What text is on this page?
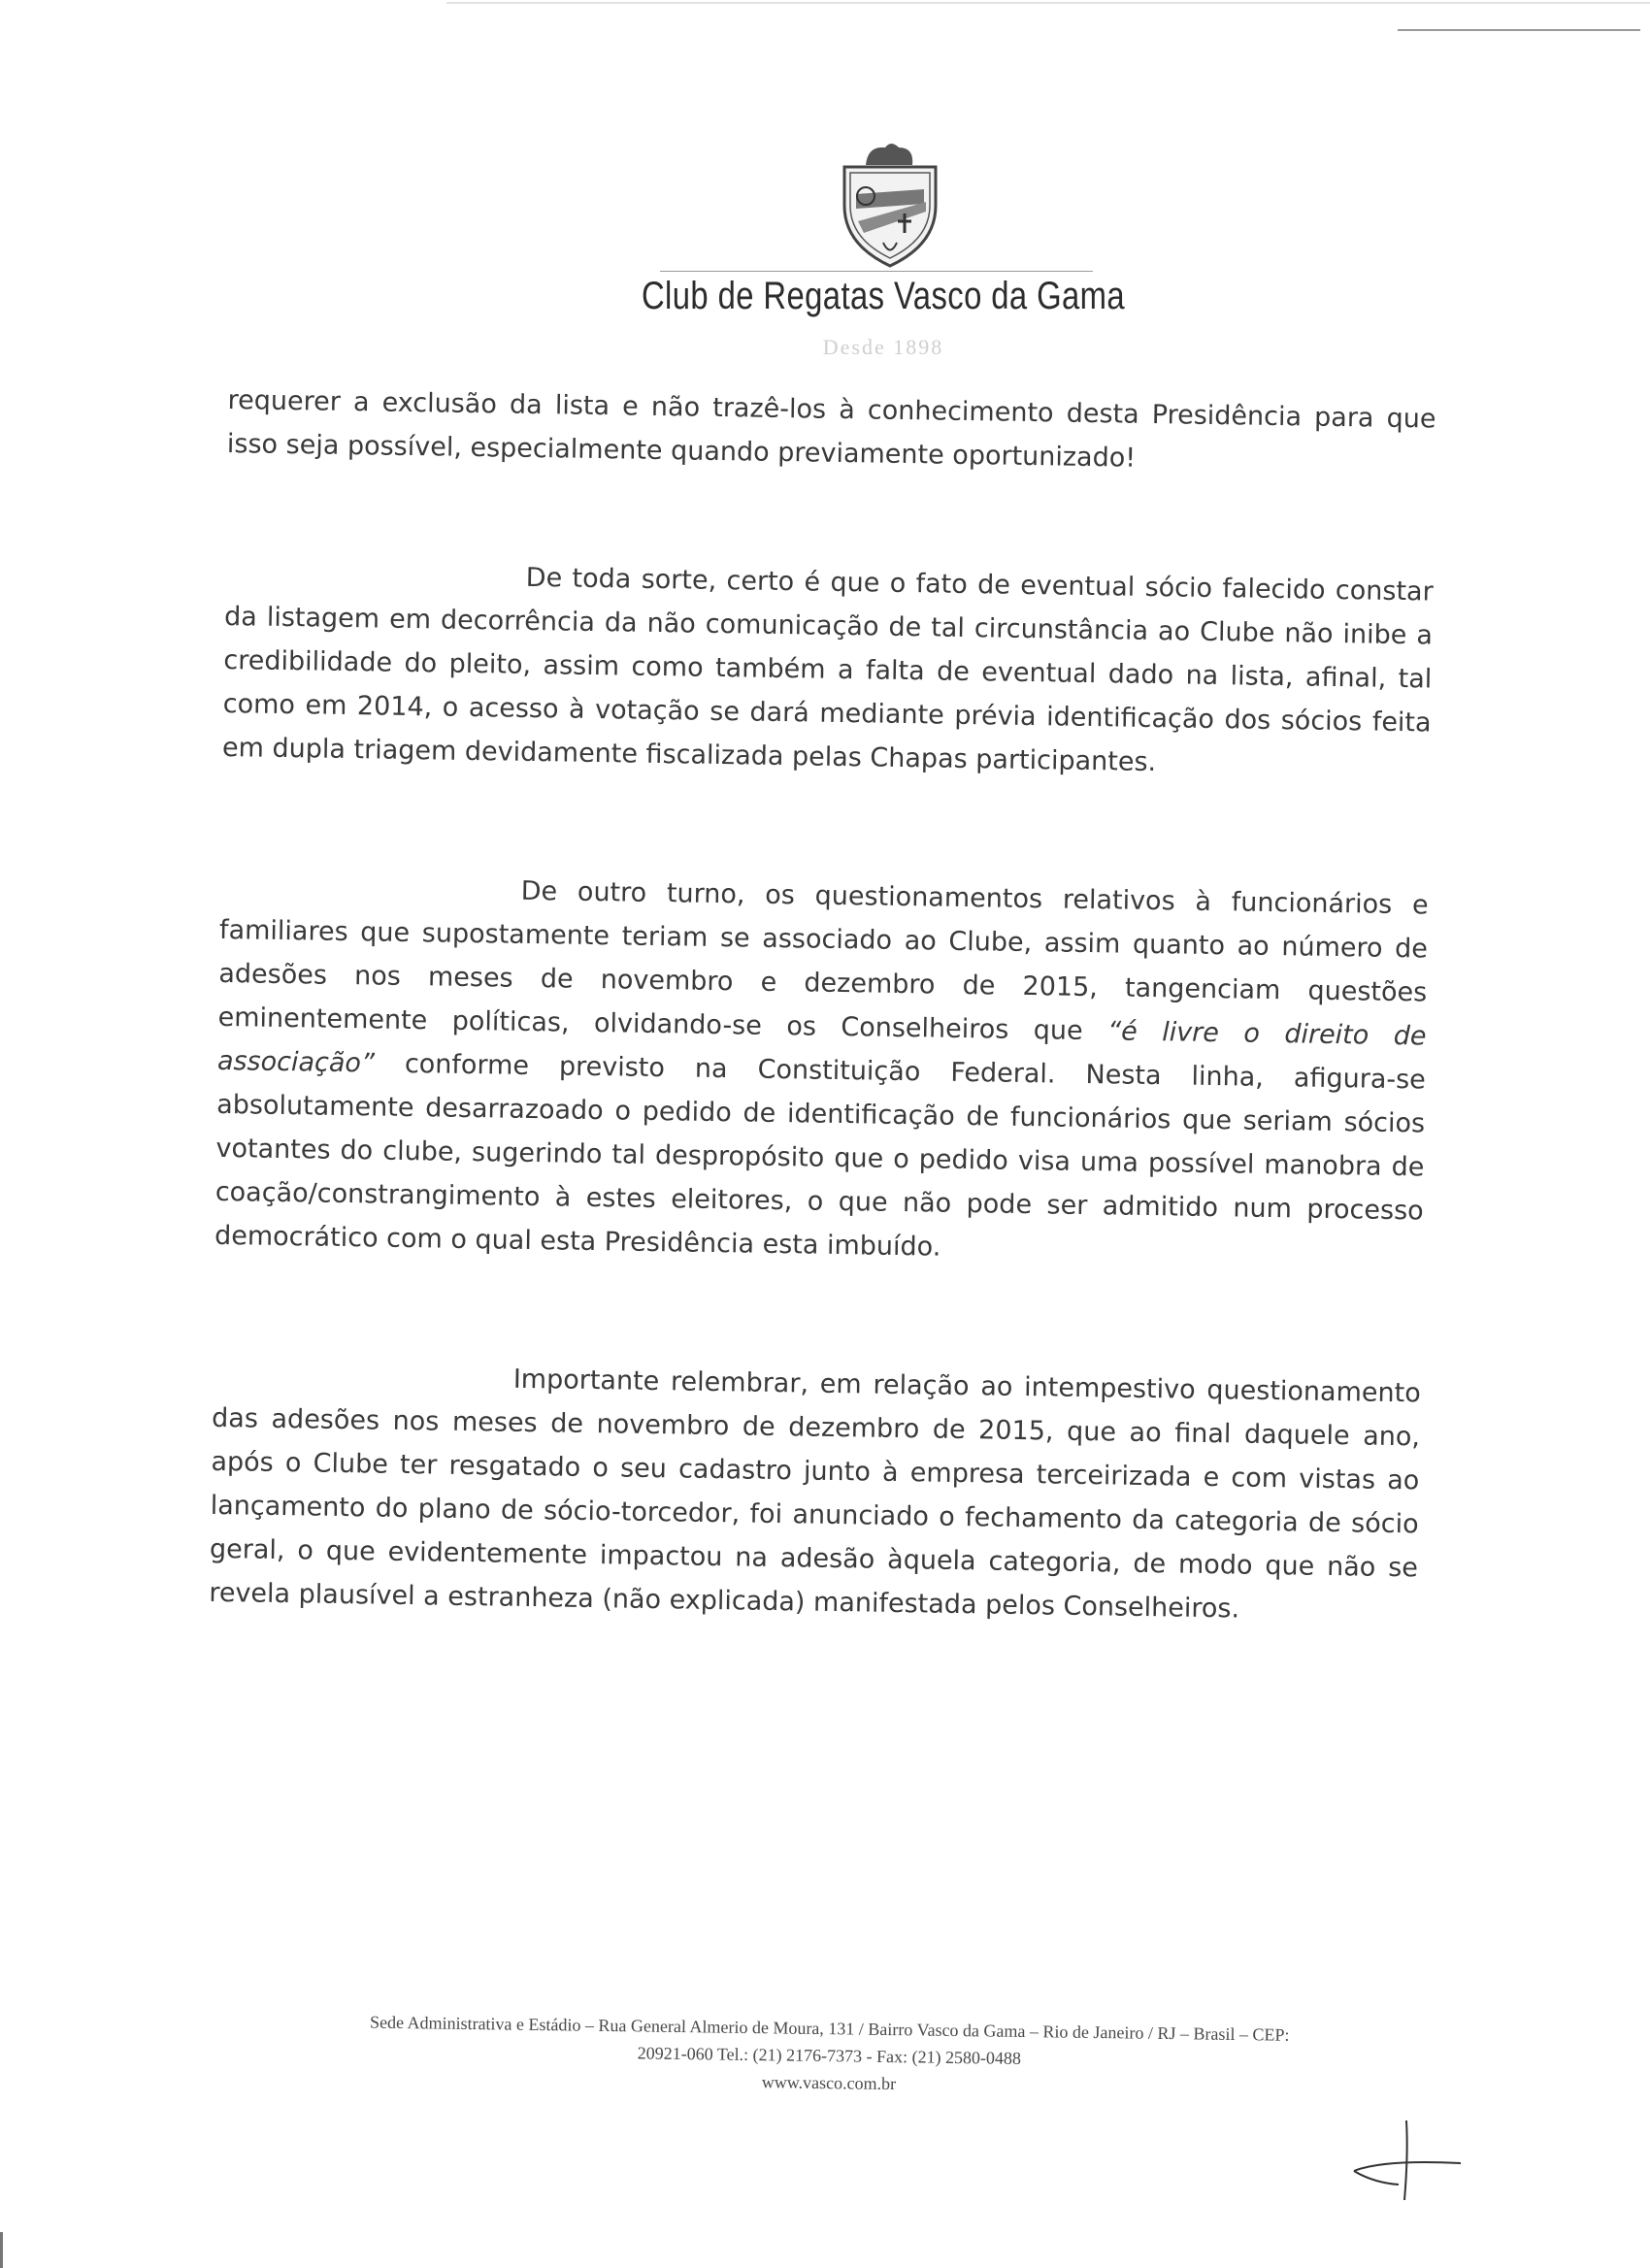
Club de Regatas Vasco da Gama
Desde 1898

requerer a exclusão da lista e não trazê-los à conhecimento desta Presidência para que isso seja possível, especialmente quando previamente oportunizado!

De toda sorte, certo é que o fato de eventual sócio falecido constar da listagem em decorrência da não comunicação de tal circunstância ao Clube não inibe a credibilidade do pleito, assim como também a falta de eventual dado na lista, afinal, tal como em 2014, o acesso à votação se dará mediante prévia identificação dos sócios feita em dupla triagem devidamente fiscalizada pelas Chapas participantes.

De outro turno, os questionamentos relativos à funcionários e familiares que supostamente teriam se associado ao Clube, assim quanto ao número de adesões nos meses de novembro e dezembro de 2015, tangenciam questões eminentemente políticas, olvidando-se os Conselheiros que “é livre o direito de associação” conforme previsto na Constituição Federal. Nesta linha, afigura-se absolutamente desarrazoado o pedido de identificação de funcionários que seriam sócios votantes do clube, sugerindo tal despropósito que o pedido visa uma possível manobra de coação/constrangimento à estes eleitores, o que não pode ser admitido num processo democrático com o qual esta Presidência esta imbuído.

Importante relembrar, em relação ao intempestivo questionamento das adesões nos meses de novembro de dezembro de 2015, que ao final daquele ano, após o Clube ter resgatado o seu cadastro junto à empresa terceirizada e com vistas ao lançamento do plano de sócio-torcedor, foi anunciado o fechamento da categoria de sócio geral, o que evidentemente impactou na adesão àquela categoria, de modo que não se revela plausível a estranheza (não explicada) manifestada pelos Conselheiros.

Sede Administrativa e Estádio – Rua General Almerio de Moura, 131 / Bairro Vasco da Gama – Rio de Janeiro / RJ – Brasil – CEP:
20921-060 Tel.: (21) 2176-7373 - Fax: (21) 2580-0488
www.vasco.com.br
